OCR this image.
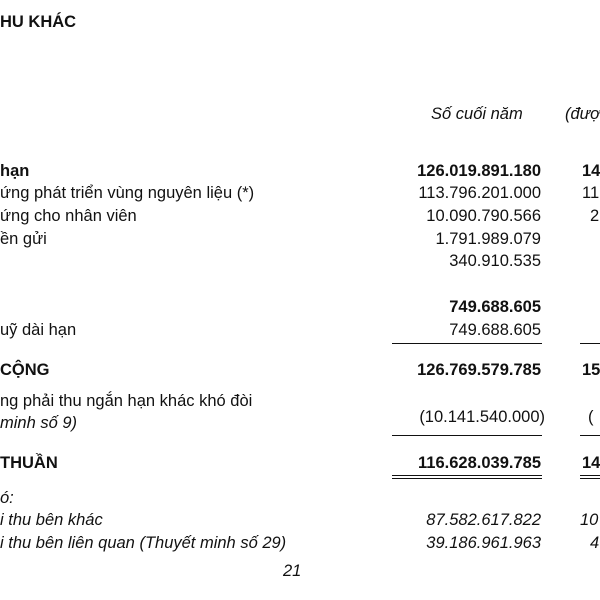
HU KHÁC
Số cuối năm	(đượ
hạn	126.019.891.180 14
ứng phát triển vùng nguyên liệu (*)	113.796.201.000 11
ứng cho nhân viên	10.090.790.566	2
ền gửi	1.791.989.079
340.910.535
749.688.605
uỹ dài hạn	749.688.605
CỘNG	126.769.579.785 15
ng phải thu ngắn hạn khác khó đòi
minh số 9)	(10.141.540.000)	(
THUẦN	116.628.039.785 14
ó:
i thu bên khác	87.582.617.822 10
i thu bên liên quan (Thuyết minh số 29)	39.186.961.963	4
21
